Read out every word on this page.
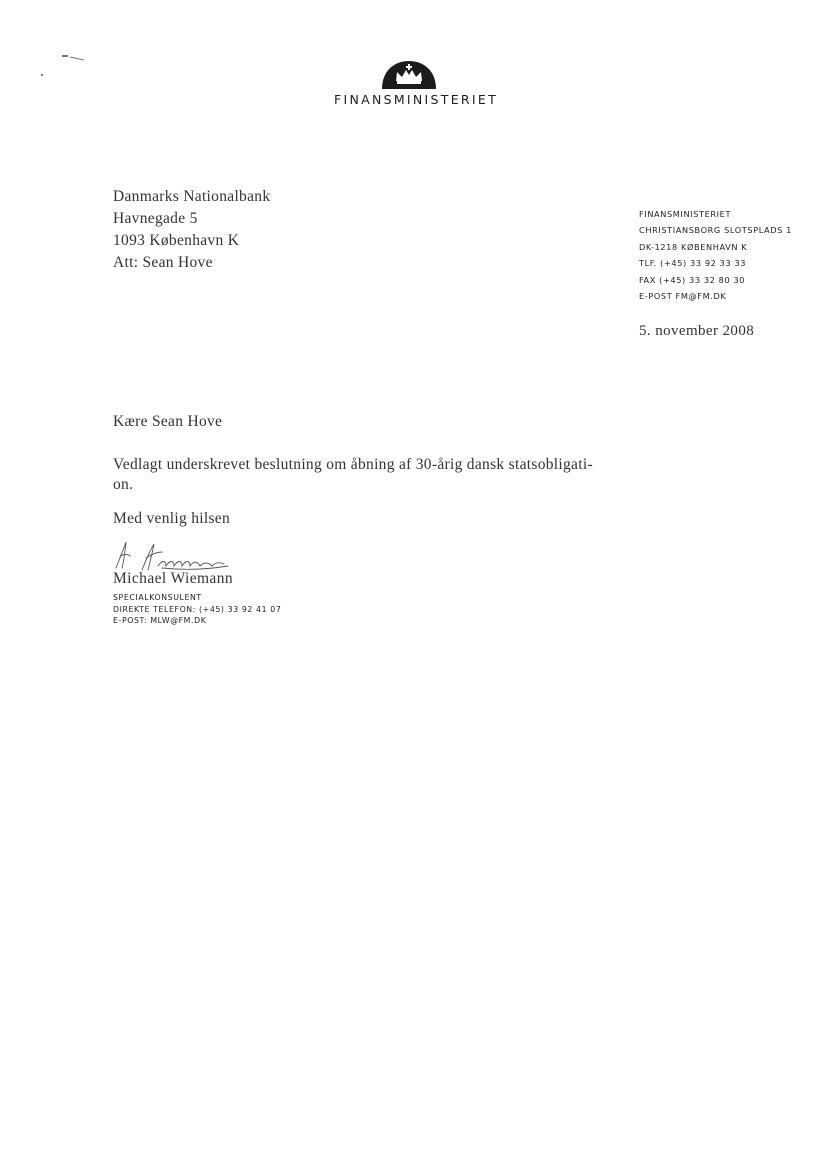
FINANSMINISTERIET
Danmarks Nationalbank
Havnegade 5
1093 København K
Att: Sean Hove
FINANSMINISTERIET
CHRISTIANSBORG SLOTSPLADS 1
DK-1218 KØBENHAVN K
TLF. (+45) 33 92 33 33
FAX (+45) 33 32 80 30
E-POST FM@FM.DK
5. november 2008
Kære Sean Hove
Vedlagt underskrevet beslutning om åbning af 30-årig dansk statsobligati-
on.
Med venlig hilsen
Michael Wiemann
SPECIALKONSULENT
DIREKTE TELEFON: (+45) 33 92 41 07
E-POST: MLW@FM.DK
